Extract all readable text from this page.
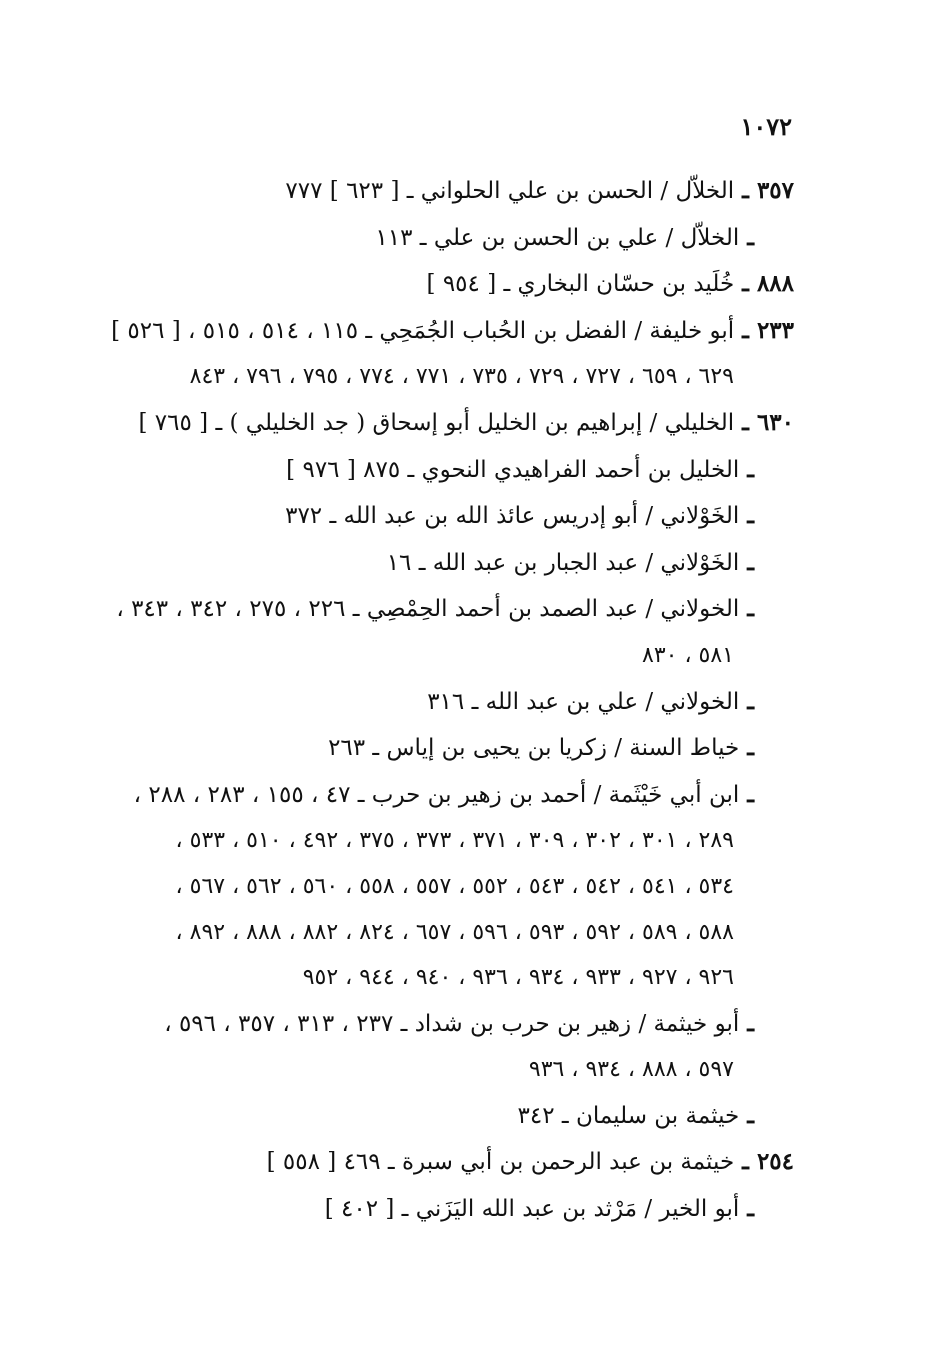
١٠٧٢
٣٥٧ ـ الخلاّل / الحسن بن علي الحلواني ـ [ ٦٢٣ ] ٧٧٧
ـ الخلاّل / علي بن الحسن بن علي ـ ١١٣
٨٨٨ ـ خُلَيد بن حسّان البخاري ـ [ ٩٥٤ ]
٢٣٣ ـ أبو خليفة / الفضل بن الحُباب الجُمَحِي ـ ١١٥ ، ٥١٤ ، ٥١٥ ، [ ٥٢٦ ]
٦٢٩ ، ٦٥٩ ، ٧٢٧ ، ٧٢٩ ، ٧٣٥ ، ٧٧١ ، ٧٧٤ ، ٧٩٥ ، ٧٩٦ ، ٨٤٣
٦٣٠ ـ الخليلي / إبراهيم بن الخليل أبو إسحاق ( جد الخليلي ) ـ [ ٧٦٥ ]
ـ الخليل بن أحمد الفراهيدي النحوي ـ ٨٧٥ [ ٩٧٦ ]
ـ الخَوْلاني / أبو إدريس عائذ الله بن عبد الله ـ ٣٧٢
ـ الخَوْلاني / عبد الجبار بن عبد الله ـ ١٦
ـ الخولاني / عبد الصمد بن أحمد الحِمْصِي ـ ٢٢٦ ، ٢٧٥ ، ٣٤٢ ، ٣٤٣ ،
٥٨١ ، ٨٣٠
ـ الخولاني / علي بن عبد الله ـ ٣١٦
ـ خياط السنة / زكريا بن يحيى بن إياس ـ ٢٦٣
ـ ابن أبي خَيْثَمة / أحمد بن زهير بن حرب ـ ٤٧ ، ١٥٥ ، ٢٨٣ ، ٢٨٨ ،
٢٨٩ ، ٣٠١ ، ٣٠٢ ، ٣٠٩ ، ٣٧١ ، ٣٧٣ ، ٣٧٥ ، ٤٩٢ ، ٥١٠ ، ٥٣٣ ،
٥٣٤ ، ٥٤١ ، ٥٤٢ ، ٥٤٣ ، ٥٥٢ ، ٥٥٧ ، ٥٥٨ ، ٥٦٠ ، ٥٦٢ ، ٥٦٧ ،
٥٨٨ ، ٥٨٩ ، ٥٩٢ ، ٥٩٣ ، ٥٩٦ ، ٦٥٧ ، ٨٢٤ ، ٨٨٢ ، ٨٨٨ ، ٨٩٢ ،
٩٢٦ ، ٩٢٧ ، ٩٣٣ ، ٩٣٤ ، ٩٣٦ ، ٩٤٠ ، ٩٤٤ ، ٩٥٢
ـ أبو خيثمة / زهير بن حرب بن شداد ـ ٢٣٧ ، ٣١٣ ، ٣٥٧ ، ٥٩٦ ،
٥٩٧ ، ٨٨٨ ، ٩٣٤ ، ٩٣٦
ـ خيثمة بن سليمان ـ ٣٤٢
٢٥٤ ـ خيثمة بن عبد الرحمن بن أبي سبرة ـ ٤٦٩ [ ٥٥٨ ]
ـ أبو الخير / مَرْثد بن عبد الله اليَزَني ـ [ ٤٠٢ ]
